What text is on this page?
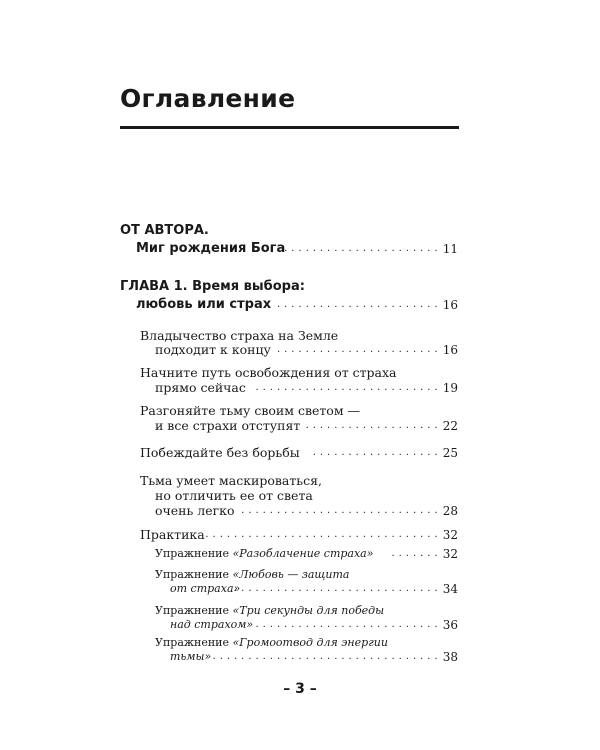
Оглавление
ОТ АВТОРА.
Миг рождения Бога . . .	11
ГЛАВА 1. Время выбора:
любовь или страх . . .	16
Владычество страха на Земле
подходит к концу . . .	16
Начните путь освобождения от страха
прямо сейчас . . .	19
Разгоняйте тьму своим светом —
и все страхи отступят . . .	22
Побеждайте без борьбы . . .	25
Тьма умеет маскироваться,
но отличить ее от света
очень легко . . .	28
Практика . . .	32
Упражнение «Разоблачение страха» . . .	32
Упражнение «Любовь — защита
от страха» . . .	34
Упражнение «Три секунды для победы
над страхом» . . .	36
Упражнение «Громоотвод для энергии
тьмы» . . .	38
– 3 –
